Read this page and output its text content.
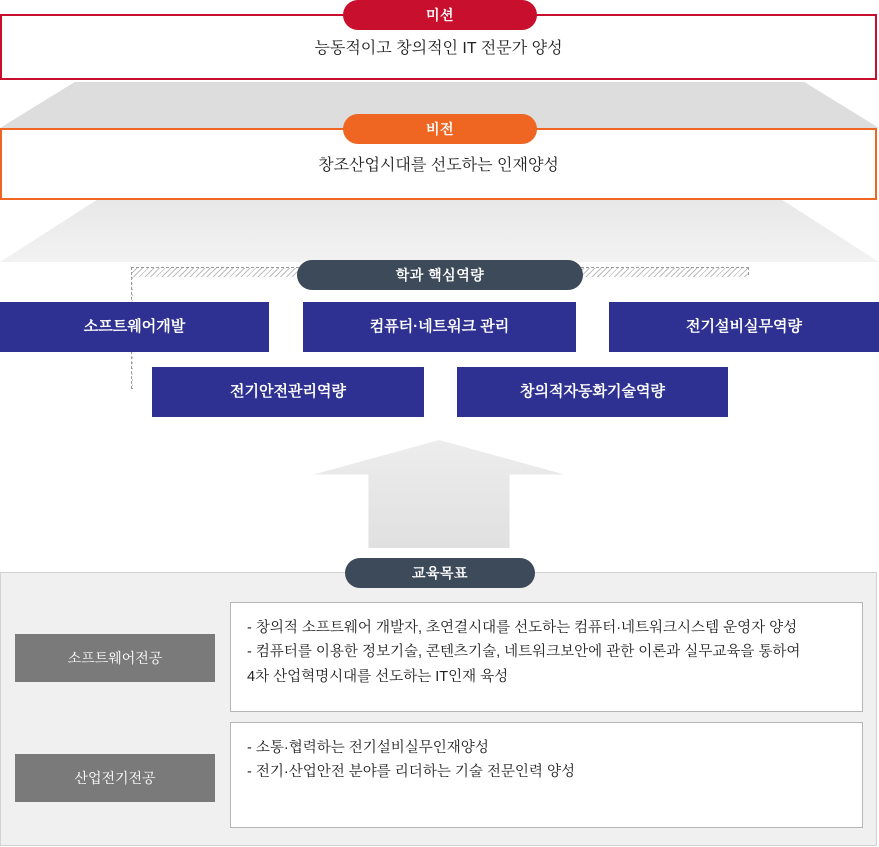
능동적이고 창의적인 IT 전문가 양성
미션
창조산업시대를 선도하는 인재양성
비전
학과 핵심역량
소프트웨어개발	컴퓨터·네트워크 관리	전기설비실무역량
전기안전관리역량	창의적자동화기술역량
교육목표
소프트웨어전공

- 창의적 소프트웨어 개발자, 초연결시대를 선도하는 컴퓨터·네트워크시스템 운영자 양성

- 컴퓨터를 이용한 정보기술, 콘텐츠기술, 네트워크보안에 관한 이론과 실무교육을 통하여

4차 산업혁명시대를 선도하는 IT인재 육성

산업전기전공

- 소통·협력하는 전기설비실무인재양성

- 전기·산업안전 분야를 리더하는 기술 전문인력 양성
